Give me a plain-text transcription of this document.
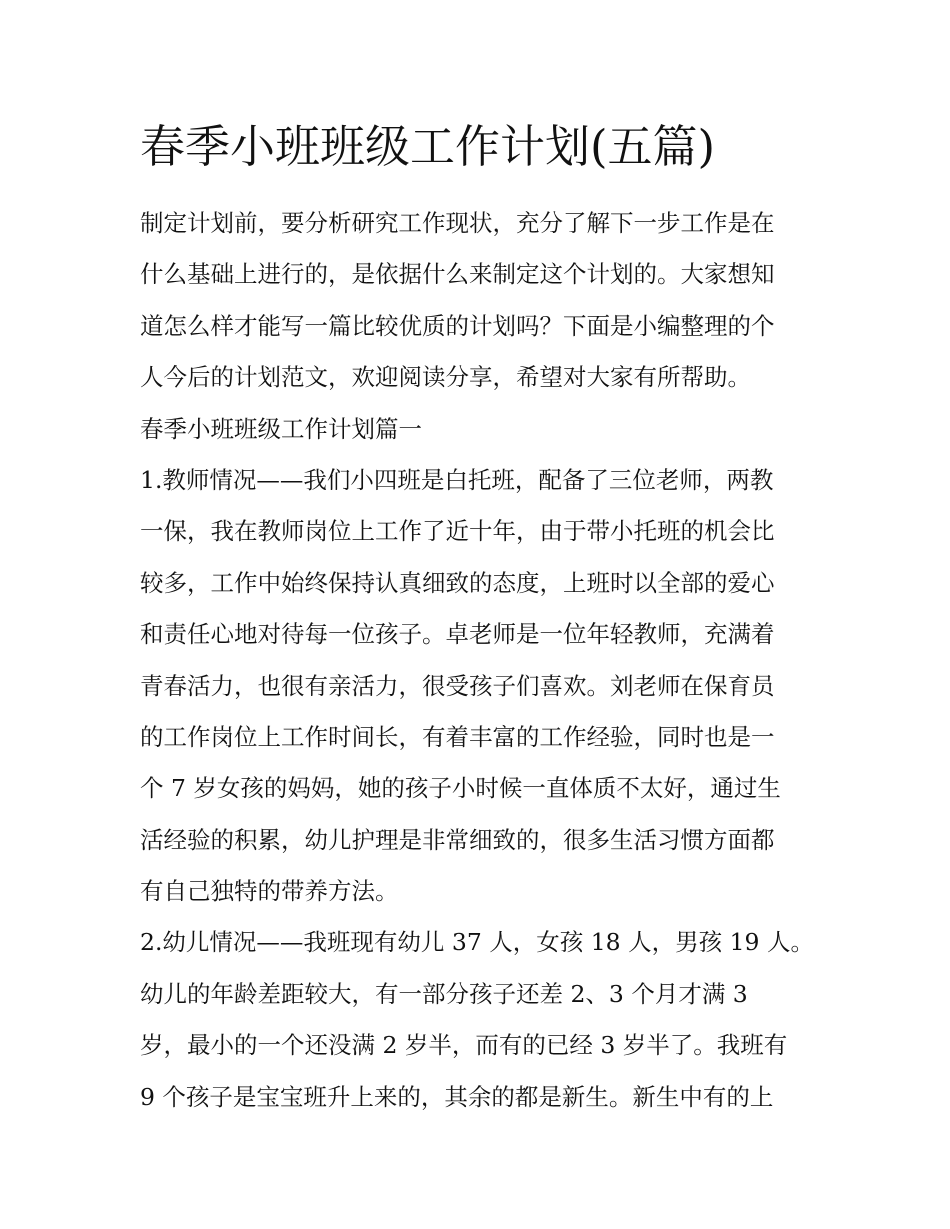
春季小班班级工作计划(五篇)
制定计划前，要分析研究工作现状，充分了解下一步工作是在
什么基础上进行的，是依据什么来制定这个计划的。大家想知
道怎么样才能写一篇比较优质的计划吗？下面是小编整理的个
人今后的计划范文，欢迎阅读分享，希望对大家有所帮助。
春季小班班级工作计划篇一
1.教师情况——我们小四班是白托班，配备了三位老师，两教
一保，我在教师岗位上工作了近十年，由于带小托班的机会比
较多，工作中始终保持认真细致的态度，上班时以全部的爱心
和责任心地对待每一位孩子。卓老师是一位年轻教师，充满着
青春活力，也很有亲活力，很受孩子们喜欢。刘老师在保育员
的工作岗位上工作时间长，有着丰富的工作经验，同时也是一
个 7 岁女孩的妈妈，她的孩子小时候一直体质不太好，通过生
活经验的积累，幼儿护理是非常细致的，很多生活习惯方面都
有自己独特的带养方法。
2.幼儿情况——我班现有幼儿 37 人，女孩 18 人，男孩 19 人。
幼儿的年龄差距较大，有一部分孩子还差 2、3 个月才满 3
岁，最小的一个还没满 2 岁半，而有的已经 3 岁半了。我班有
9 个孩子是宝宝班升上来的，其余的都是新生。新生中有的上
